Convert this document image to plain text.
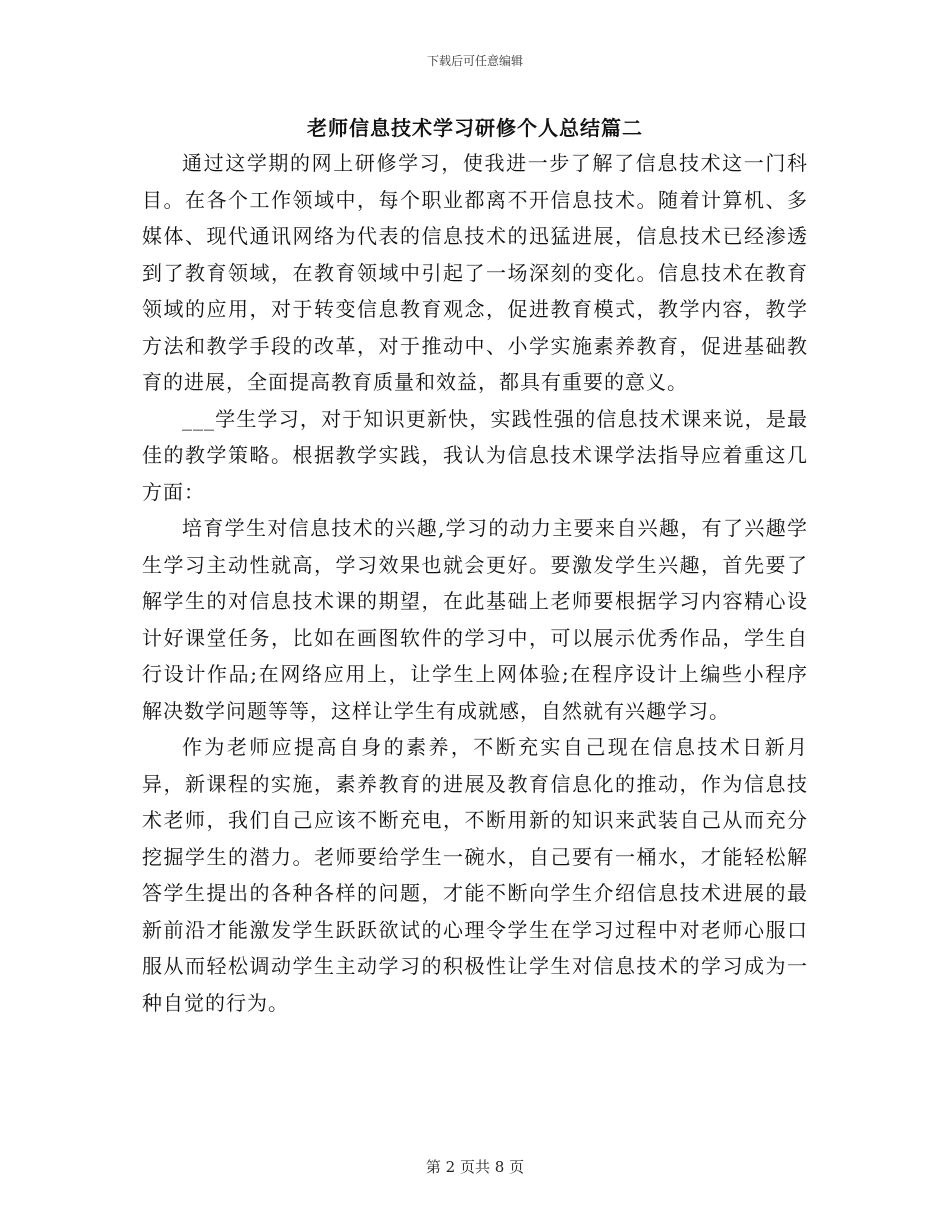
下载后可任意编辑
老师信息技术学习研修个人总结篇二

通过这学期的网上研修学习，使我进一步了解了信息技术这一门科目。在各个工作领域中，每个职业都离不开信息技术。随着计算机、多媒体、现代通讯网络为代表的信息技术的迅猛进展，信息技术已经渗透到了教育领域，在教育领域中引起了一场深刻的变化。信息技术在教育领域的应用，对于转变信息教育观念，促进教育模式，教学内容，教学方法和教学手段的改革，对于推动中、小学实施素养教育，促进基础教育的进展，全面提高教育质量和效益，都具有重要的意义。

___学生学习，对于知识更新快，实践性强的信息技术课来说，是最佳的教学策略。根据教学实践，我认为信息技术课学法指导应着重这几方面：

培育学生对信息技术的兴趣,学习的动力主要来自兴趣，有了兴趣学生学习主动性就高，学习效果也就会更好。要激发学生兴趣，首先要了解学生的对信息技术课的期望，在此基础上老师要根据学习内容精心设计好课堂任务，比如在画图软件的学习中，可以展示优秀作品，学生自行设计作品;在网络应用上，让学生上网体验;在程序设计上编些小程序解决数学问题等等，这样让学生有成就感，自然就有兴趣学习。

作为老师应提高自身的素养，不断充实自己现在信息技术日新月异，新课程的实施，素养教育的进展及教育信息化的推动，作为信息技术老师，我们自己应该不断充电，不断用新的知识来武装自己从而充分挖掘学生的潜力。老师要给学生一碗水，自己要有一桶水，才能轻松解答学生提出的各种各样的问题，才能不断向学生介绍信息技术进展的最新前沿才能激发学生跃跃欲试的心理令学生在学习过程中对老师心服口服从而轻松调动学生主动学习的积极性让学生对信息技术的学习成为一种自觉的行为。

第 2 页共 8 页
